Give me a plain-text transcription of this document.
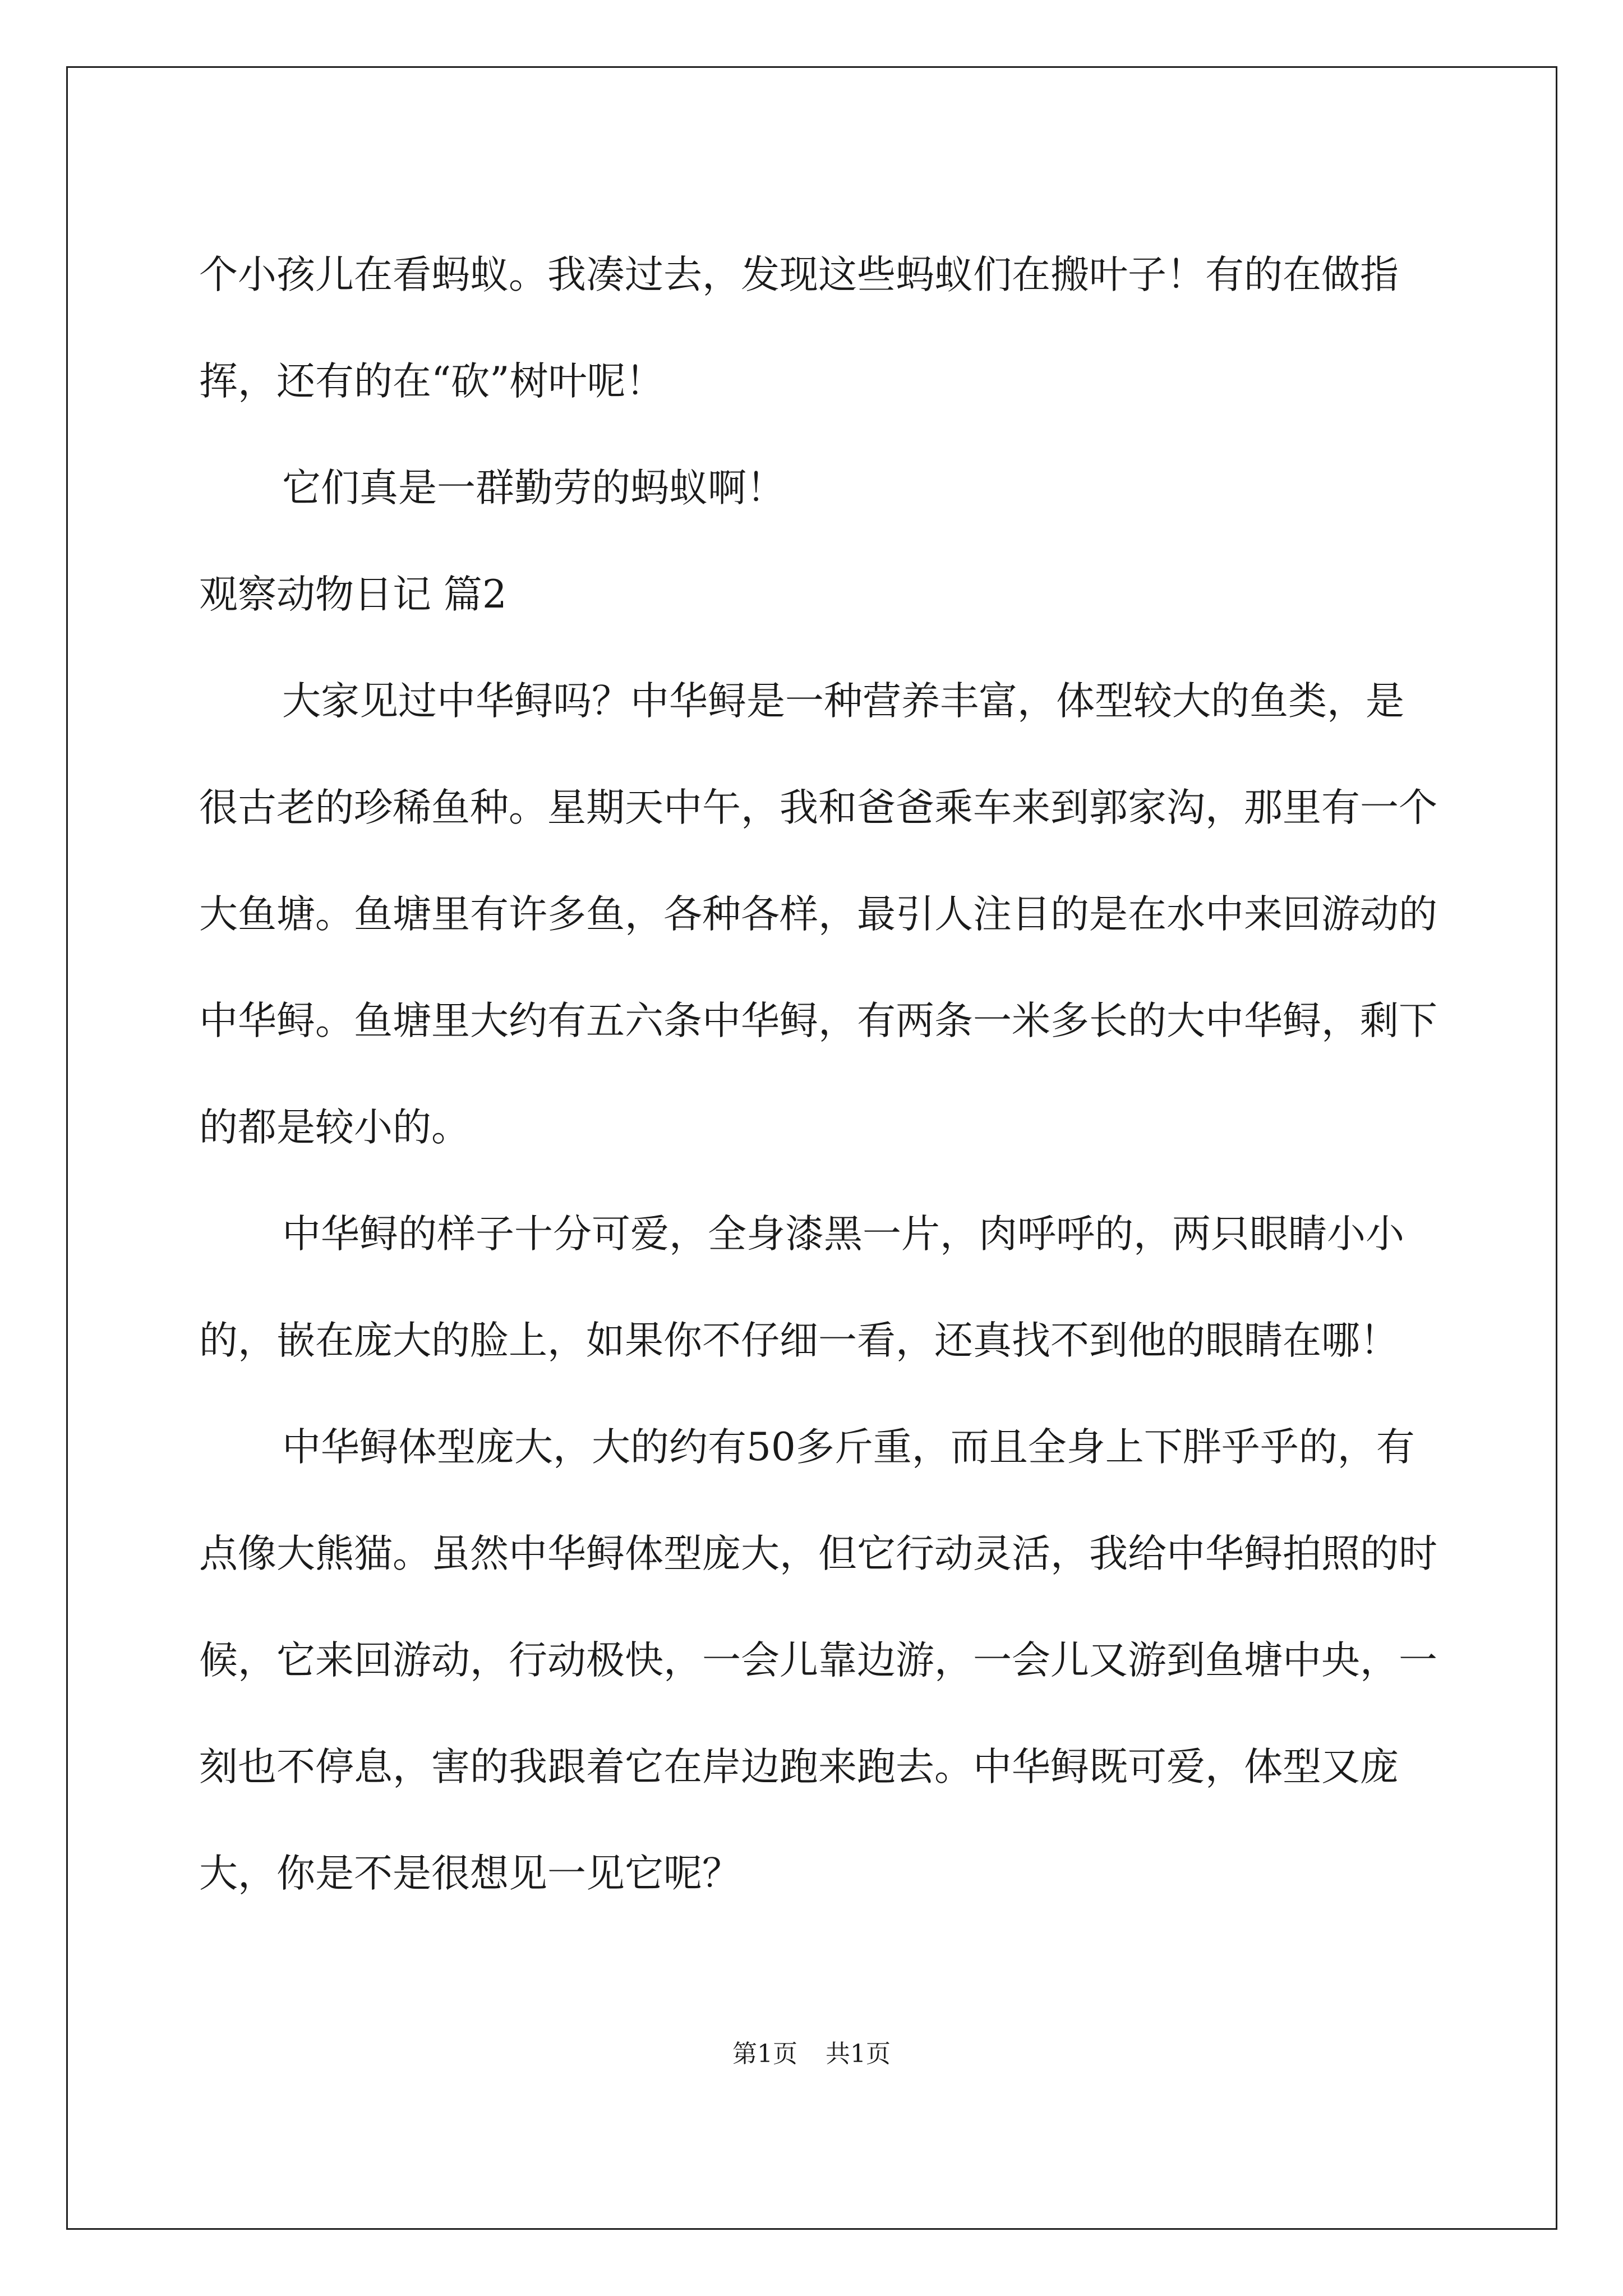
个小孩儿在看蚂蚁。我凑过去，发现这些蚂蚁们在搬叶子！有的在做指挥，还有的在“砍”树叶呢！

它们真是一群勤劳的蚂蚁啊！

观察动物日记 篇2

大家见过中华鲟吗？中华鲟是一种营养丰富，体型较大的鱼类，是很古老的珍稀鱼种。星期天中午，我和爸爸乘车来到郭家沟，那里有一个大鱼塘。鱼塘里有许多鱼，各种各样，最引人注目的是在水中来回游动的中华鲟。鱼塘里大约有五六条中华鲟，有两条一米多长的大中华鲟，剩下的都是较小的。

中华鲟的样子十分可爱，全身漆黑一片，肉呼呼的，两只眼睛小小的，嵌在庞大的脸上，如果你不仔细一看，还真找不到他的眼睛在哪！

中华鲟体型庞大，大的约有50多斤重，而且全身上下胖乎乎的，有点像大熊猫。虽然中华鲟体型庞大，但它行动灵活，我给中华鲟拍照的时候，它来回游动，行动极快，一会儿靠边游，一会儿又游到鱼塘中央，一刻也不停息，害的我跟着它在岸边跑来跑去。中华鲟既可爱，体型又庞大，你是不是很想见一见它呢？

第1页 共1页
